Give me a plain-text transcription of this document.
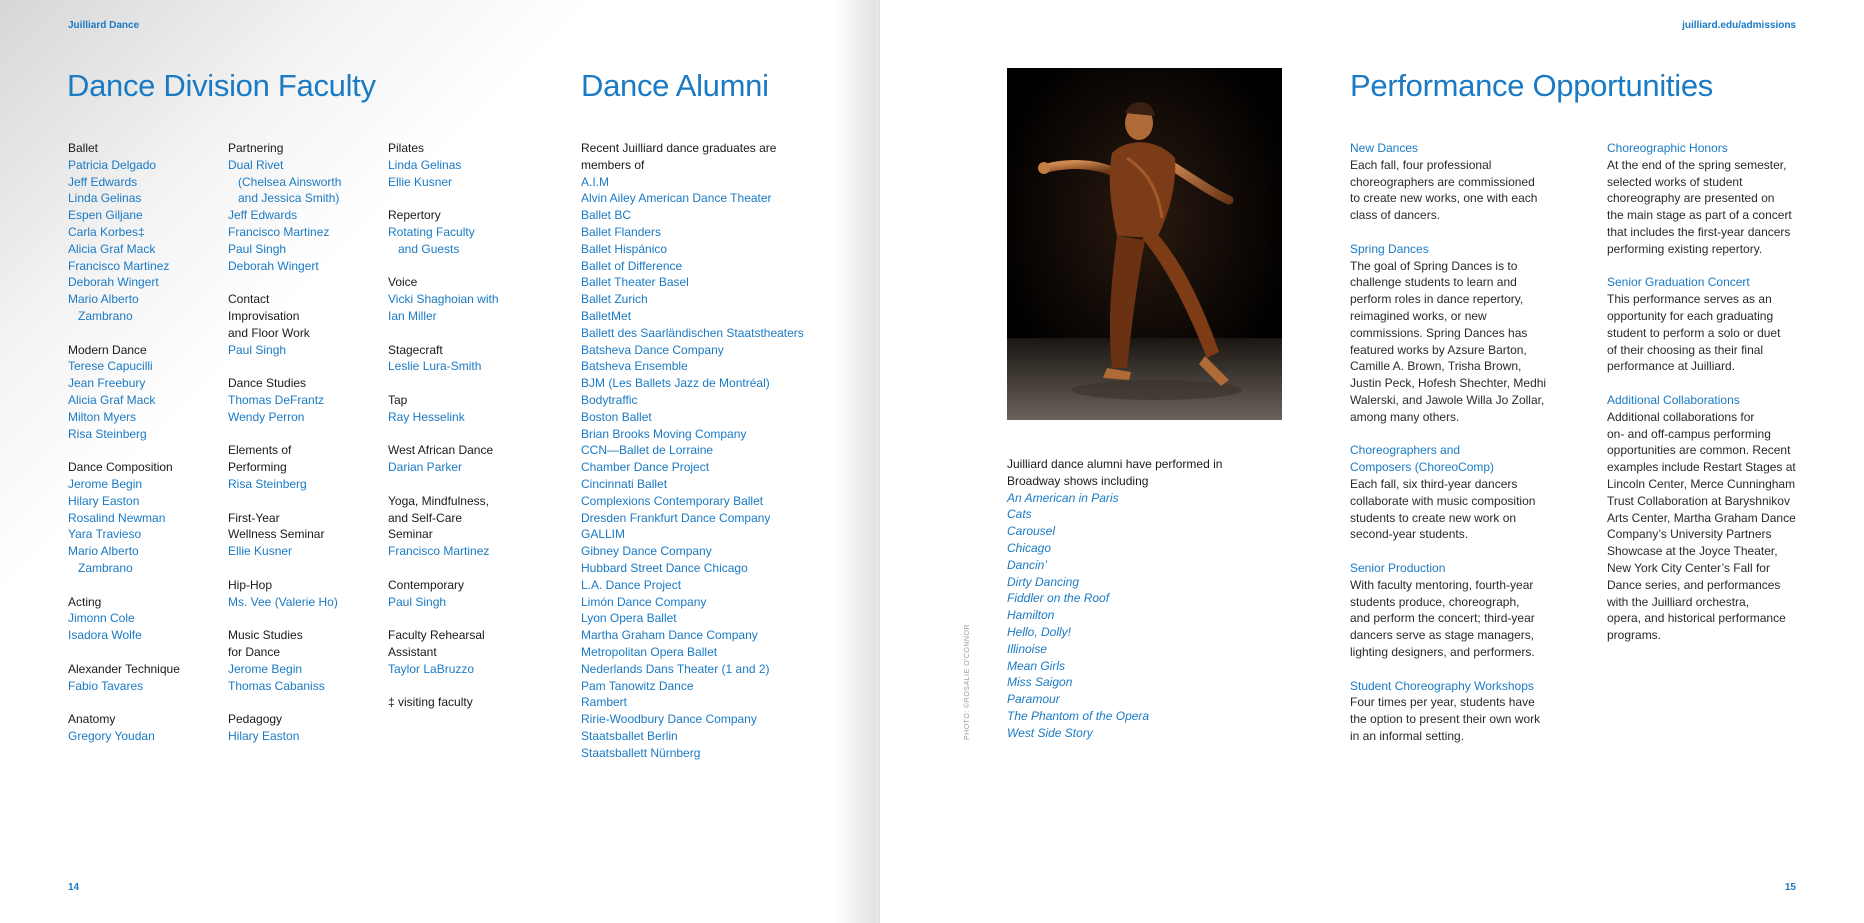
Juilliard Dance
Dance Division Faculty	Dance Alumni
Ballet
Patricia Delgado
Jeff Edwards
Linda Gelinas
Espen Giljane
Carla Korbes‡
Alicia Graf Mack
Francisco Martinez
Deborah Wingert
Mario Alberto
Zambrano
Modern Dance
Terese Capucilli
Jean Freebury
Alicia Graf Mack
Milton Myers
Risa Steinberg
Dance Composition
Jerome Begin
Hilary Easton
Rosalind Newman
Yara Travieso
Mario Alberto
Zambrano
Acting
Jimonn Cole
Isadora Wolfe
Alexander Technique
Fabio Tavares
Anatomy
Gregory Youdan
Partnering
Dual Rivet
(Chelsea Ainsworth
and Jessica Smith)
Jeff Edwards
Francisco Martinez
Paul Singh
Deborah Wingert
Contact
Improvisation
and Floor Work
Paul Singh
Dance Studies
Thomas DeFrantz
Wendy Perron
Elements of
Performing
Risa Steinberg
First-Year
Wellness Seminar
Ellie Kusner
Hip-Hop
Ms. Vee (Valerie Ho)
Music Studies
for Dance
Jerome Begin
Thomas Cabaniss
Pedagogy
Hilary Easton
Pilates
Linda Gelinas
Ellie Kusner
Repertory
Rotating Faculty
and Guests
Voice
Vicki Shaghoian with
Ian Miller
Stagecraft
Leslie Lura-Smith
Tap
Ray Hesselink
West African Dance
Darian Parker
Yoga, Mindfulness,
and Self-Care
Seminar
Francisco Martinez
Contemporary
Paul Singh
Faculty Rehearsal
Assistant
Taylor LaBruzzo
‡ visiting faculty
Recent Juilliard dance graduates are
members of
A.I.M
Alvin Ailey American Dance Theater
Ballet BC
Ballet Flanders
Ballet Hispánico
Ballet of Difference
Ballet Theater Basel
Ballet Zurich
BalletMet
Ballett des Saarländischen Staatstheaters
Batsheva Dance Company
Batsheva Ensemble
BJM (Les Ballets Jazz de Montréal)
Bodytraffic
Boston Ballet
Brian Brooks Moving Company
CCN—Ballet de Lorraine
Chamber Dance Project
Cincinnati Ballet
Complexions Contemporary Ballet
Dresden Frankfurt Dance Company
GALLIM
Gibney Dance Company
Hubbard Street Dance Chicago
L.A. Dance Project
Limón Dance Company
Lyon Opera Ballet
Martha Graham Dance Company
Metropolitan Opera Ballet
Nederlands Dans Theater (1 and 2)
Pam Tanowitz Dance
Rambert
Ririe-Woodbury Dance Company
Staatsballet Berlin
Staatsballett Nürnberg
14
juilliard.edu/admissions
15
Juilliard dance alumni have performed in
Broadway shows including
An American in Paris
Cats
Carousel
Chicago
Dancin’
Dirty Dancing
Fiddler on the Roof
Hamilton
Hello, Dolly!
Illinoise
Mean Girls
Miss Saigon
Paramour
The Phantom of the Opera
West Side Story
Performance Opportunities
New Dances
Each fall, four professional
choreographers are commissioned
to create new works, one with each
class of dancers.
Spring Dances
The goal of Spring Dances is to
challenge students to learn and
perform roles in dance repertory,
reimagined works, or new
commissions. Spring Dances has
featured works by Azsure Barton,
Camille A. Brown, Trisha Brown,
Justin Peck, Hofesh Shechter, Medhi
Walerski, and Jawole Willa Jo Zollar,
among many others.
Choreographers and
Composers (ChoreoComp)
Each fall, six third-year dancers
collaborate with music composition
students to create new work on
second-year students.
Senior Production
With faculty mentoring, fourth-year
students produce, choreograph,
and perform the concert; third-year
dancers serve as stage managers,
lighting designers, and performers.
Student Choreography Workshops
Four times per year, students have
the option to present their own work
in an informal setting.
Choreographic Honors
At the end of the spring semester,
selected works of student
choreography are presented on
the main stage as part of a concert
that includes the first-year dancers
performing existing repertory.
Senior Graduation Concert
This performance serves as an
opportunity for each graduating
student to perform a solo or duet
of their choosing as their final
performance at Juilliard.
Additional Collaborations
Additional collaborations for
on- and off-campus performing
opportunities are common. Recent
examples include Restart Stages at
Lincoln Center, Merce Cunningham
Trust Collaboration at Baryshnikov
Arts Center, Martha Graham Dance
Company’s University Partners
Showcase at the Joyce Theater,
New York City Center’s Fall for
Dance series, and performances
with the Juilliard orchestra,
opera, and historical performance
programs.
